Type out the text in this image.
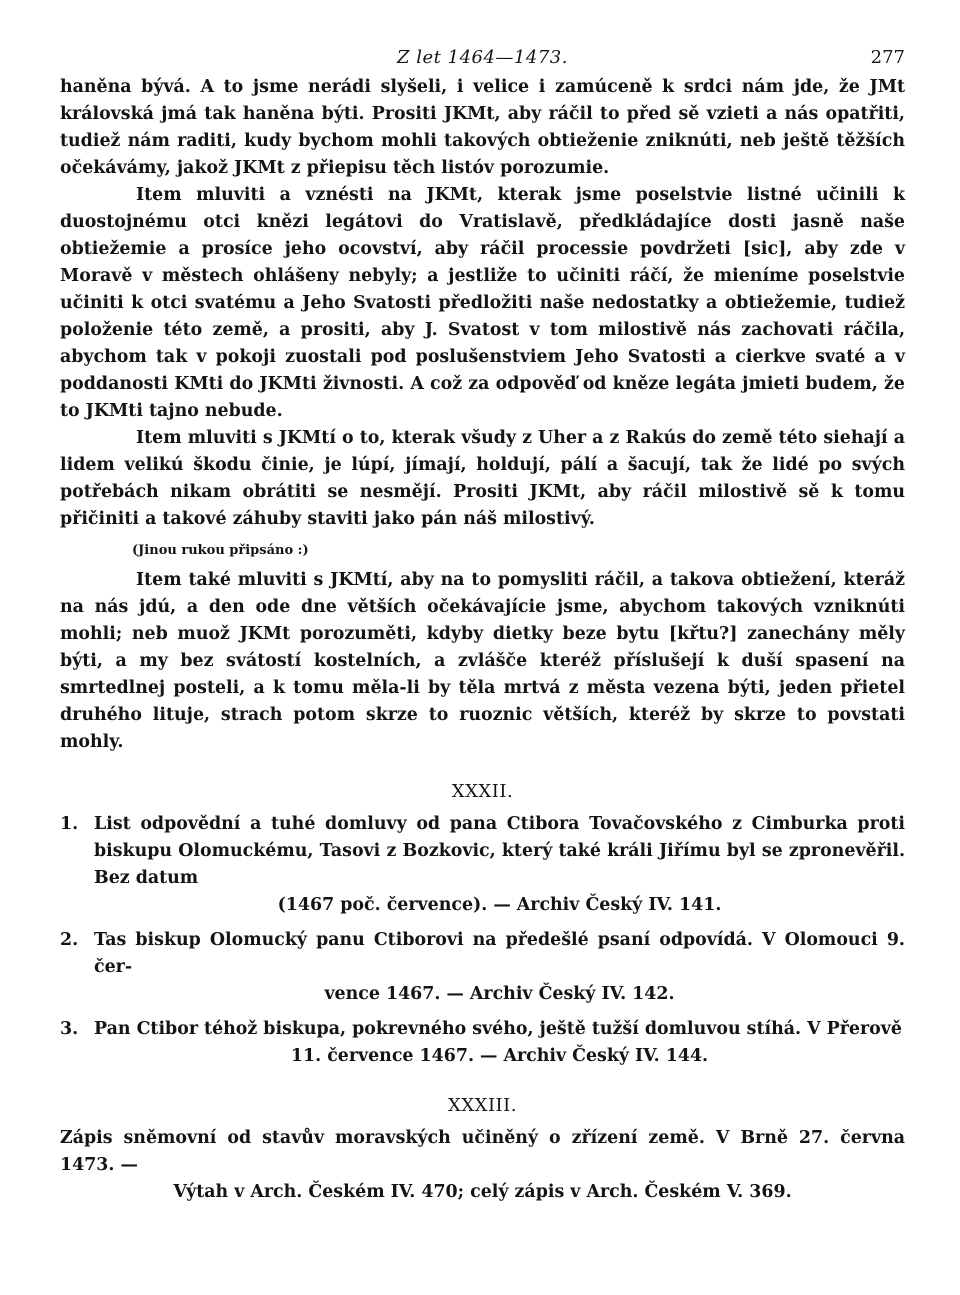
Z let 1464—1473.	277

haněna bývá. A to jsme nerádi slyšeli, i velice i zamúceně k srdci nám jde, že JMt královská jmá tak haněna býti. Prositi JKMt, aby ráčil to před sě vzieti a nás opatřiti, tudiež nám raditi, kudy bychom mohli takových obtieženie zniknúti, neb ještě těžších očekávámy, jakož JKMt z přiepisu těch listóv porozumie.

Item mluviti a vznésti na JKMt, kterak jsme poselstvie listné učinili k duostojnému otci knězi legátovi do Vratislavě, předkládajíce dosti jasně naše obtiežemie a prosíce jeho ocovství, aby ráčil processie povdržeti [sic], aby zde v Moravě v městech ohlášeny nebyly; a jestliže to učiniti ráčí, že mieníme poselstvie učiniti k otci svatému a Jeho Svatosti předložiti naše nedostatky a obtiežemie, tudiež položenie této země, a prositi, aby J. Svatost v tom milostivě nás zachovati ráčila, abychom tak v pokoji zuostali pod poslušenstviem Jeho Svatosti a cierkve svaté a v poddanosti KMti do JKMti živnosti. A což za odpověď od kněze legáta jmieti budem, že to JKMti tajno nebude.

Item mluviti s JKMtí o to, kterak všudy z Uher a z Rakús do země této siehají a lidem velikú škodu činie, je lúpí, jímají, holdují, pálí a šacují, tak že lidé po svých potřebách nikam obrátiti se nesmějí. Prositi JKMt, aby ráčil milostivě sě k tomu přičiniti a takové záhuby staviti jako pán náš milostivý.

(Jinou rukou připsáno :)

Item také mluviti s JKMtí, aby na to pomysliti ráčil, a takova obtiežení, kteráž na nás jdú, a den ode dne větších očekávajície jsme, abychom takových vzniknúti mohli; neb muož JKMt porozuměti, kdyby dietky beze bytu [křtu?] zanechány měly býti, a my bez svátostí kostelních, a zvlášče kteréž příslušejí k duší spasení na smrtedlnej posteli, a k tomu měla-li by těla mrtvá z města vezena býti, jeden přietel druhého lituje, strach potom skrze to ruoznic větších, kteréž by skrze to povstati mohly.

XXXII.
1. List odpovědní a tuhé domluvy od pana Ctibora Tovačovského z Cimburka proti biskupu Olomuckému, Tasovi z Bozkovic, který také králi Jiřímu byl se zpronevěřil. Bez datum
(1467 poč. července). — Archiv Český IV. 141.
2. Tas biskup Olomucký panu Ctiborovi na předešlé psaní odpovídá. V Olomouci 9. čer-
vence 1467. — Archiv Český IV. 142.
3. Pan Ctibor téhož biskupa, pokrevného svého, ještě tužší domluvou stíhá. V Přerově
11. července 1467. — Archiv Český IV. 144.
XXXIII.
Zápis sněmovní od stavův moravských učiněný o zřízení země. V Brně 27. června 1473. —
Výtah v Arch. Českém IV. 470; celý zápis v Arch. Českém V. 369.
